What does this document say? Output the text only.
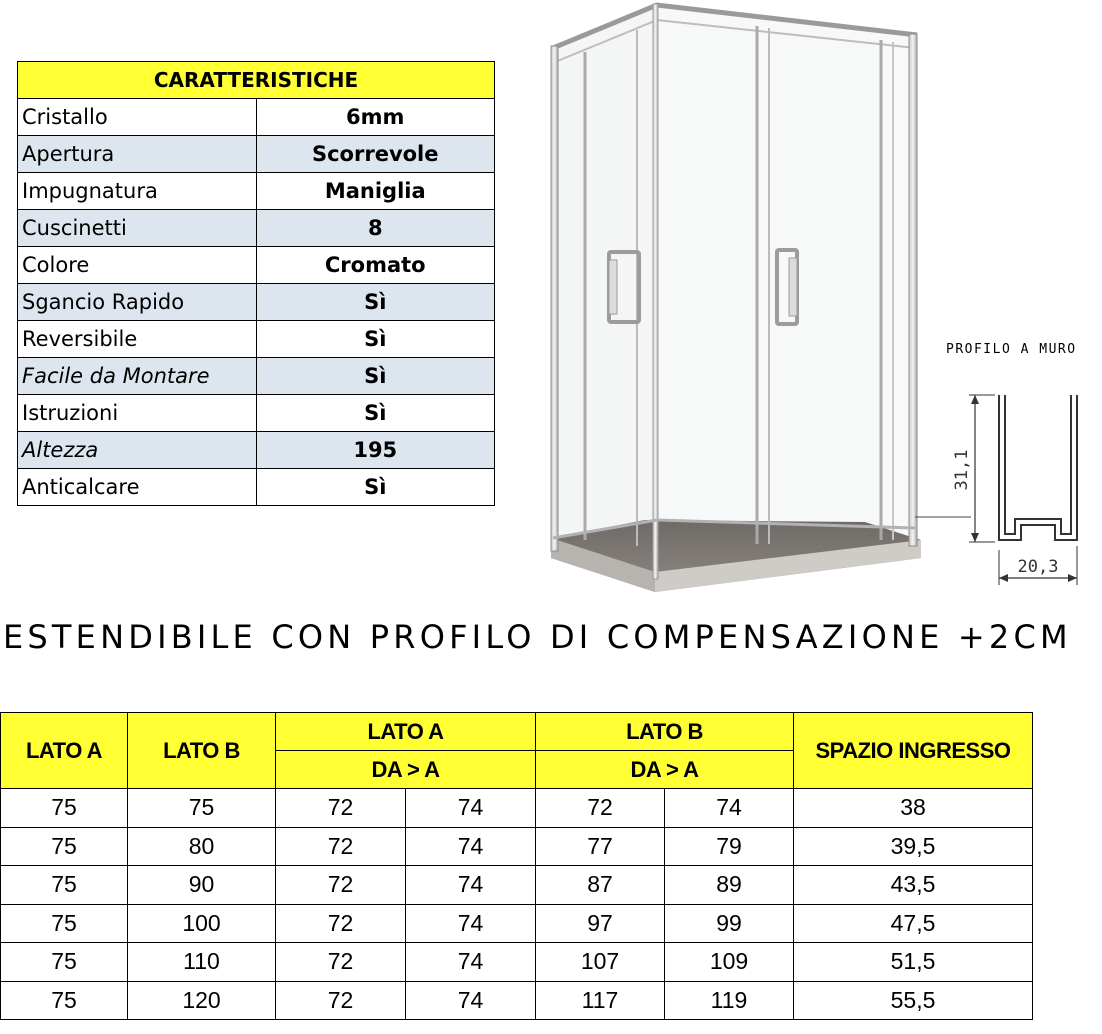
CARATTERISTICHE	
Cristallo	6mm
Apertura	Scorrevole
Impugnatura	Maniglia
Cuscinetti	8
Colore	Cromato
Sgancio Rapido	Sì
Reversibile	Sì
Facile da Montare	Sì
Istruzioni	Sì
Altezza	195
Anticalcare	Sì
PROFILO A MURO
31,1
20,3
ESTENDIBILE CON PROFILO DI COMPENSAZIONE +2CM
LATO A	LATO B	LATO A		LATO B		SPAZIO INGRESSO
		DA > A		DA > A		
75	75	72	74	72	74	38
75	80	72	74	77	79	39,5
75	90	72	74	87	89	43,5
75	100	72	74	97	99	47,5
75	110	72	74	107	109	51,5
75	120	72	74	117	119	55,5
